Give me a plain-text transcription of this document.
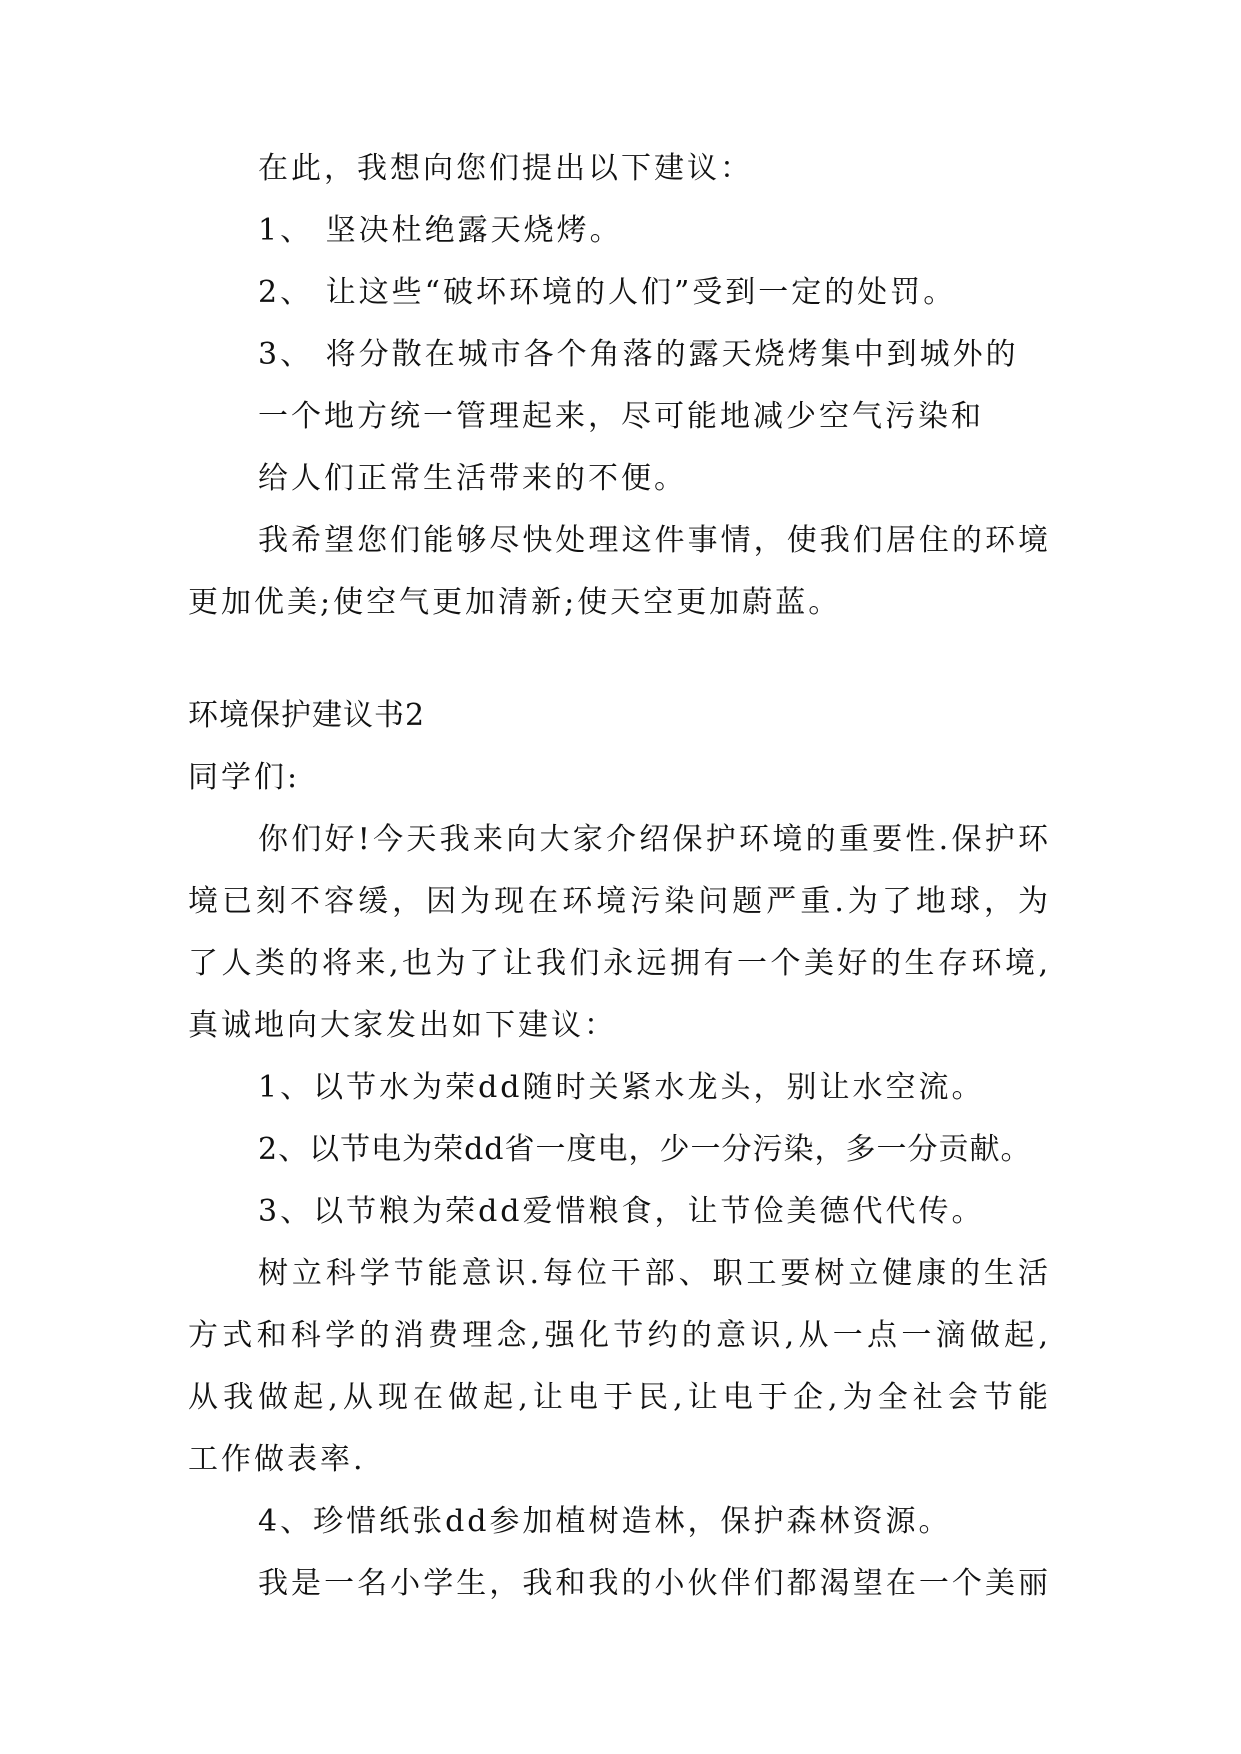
在此，我想向您们提出以下建议：
1、 坚决杜绝露天烧烤。
2、 让这些“破坏环境的人们”受到一定的处罚。
3、 将分散在城市各个角落的露天烧烤集中到城外的
一个地方统一管理起来，尽可能地减少空气污染和
给人们正常生活带来的不便。
我希望您们能够尽快处理这件事情，使我们居住的环境
更加优美;使空气更加清新;使天空更加蔚蓝。
环境保护建议书2
同学们:
你们好!今天我来向大家介绍保护环境的重要性.保护环
境已刻不容缓，因为现在环境污染问题严重.为了地球，为
了人类的将来,也为了让我们永远拥有一个美好的生存环境,
真诚地向大家发出如下建议：
1、以节水为荣dd随时关紧水龙头，别让水空流。
2、以节电为荣dd省一度电，少一分污染，多一分贡献。
3、以节粮为荣dd爱惜粮食，让节俭美德代代传。
树立科学节能意识.每位干部、职工要树立健康的生活
方式和科学的消费理念,强化节约的意识,从一点一滴做起,
从我做起,从现在做起,让电于民,让电于企,为全社会节能
工作做表率.
4、珍惜纸张dd参加植树造林，保护森林资源。
我是一名小学生，我和我的小伙伴们都渴望在一个美丽
